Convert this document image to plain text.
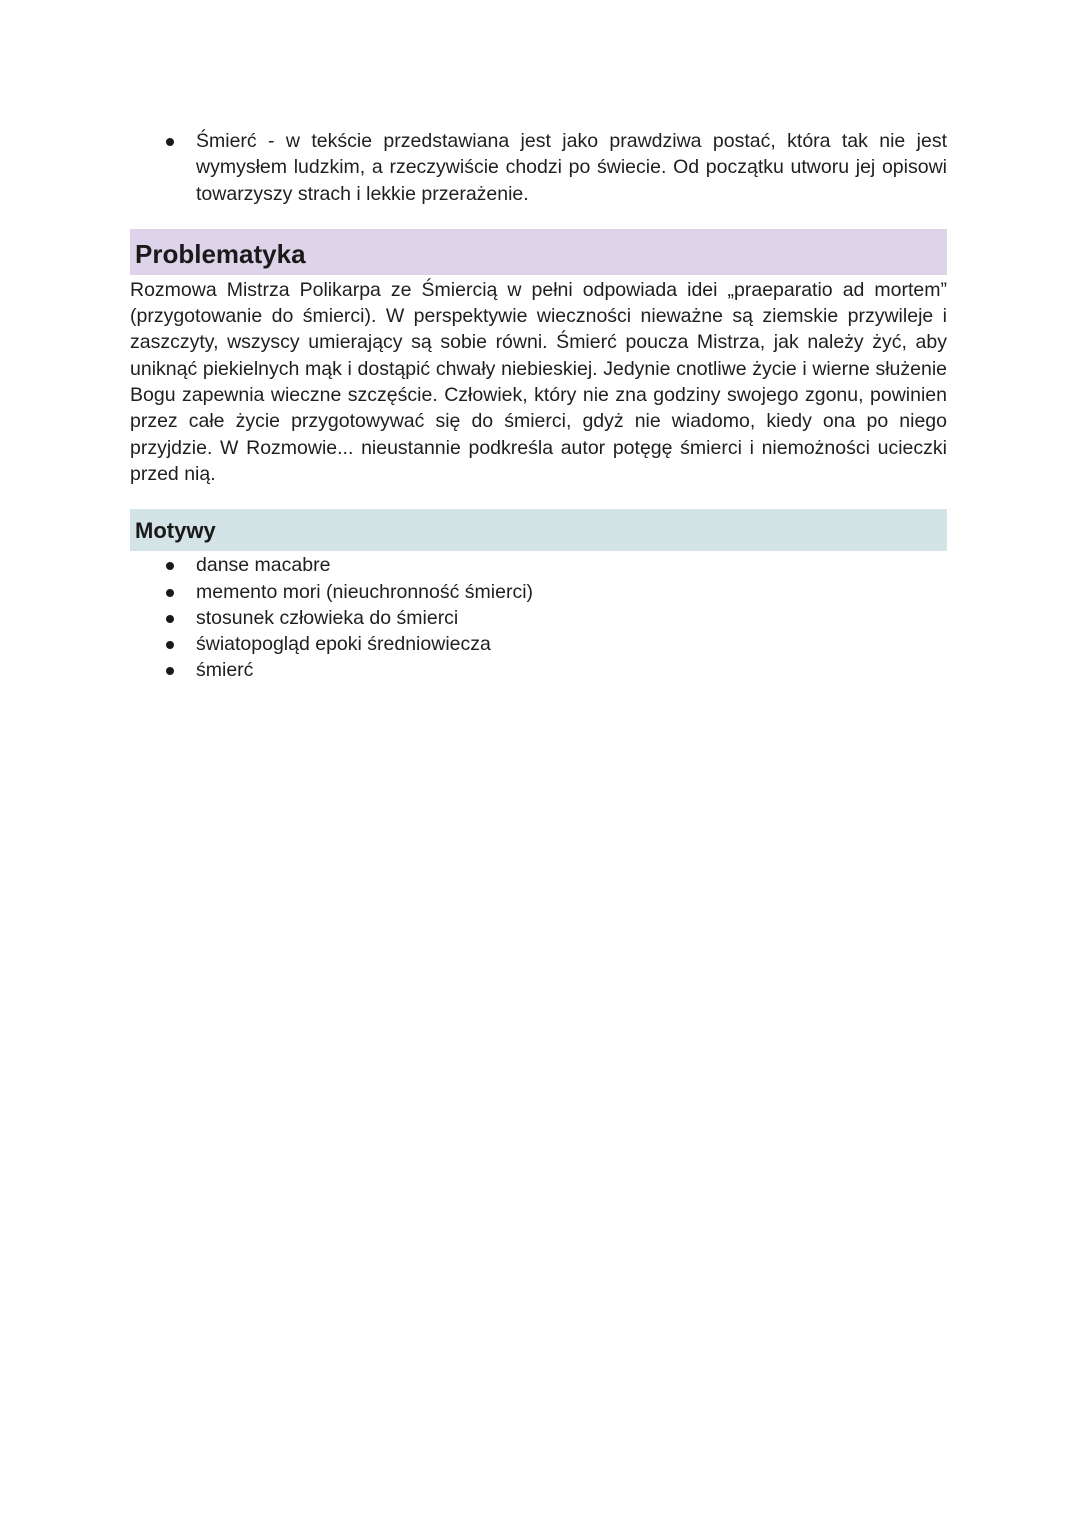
Śmierć - w tekście przedstawiana jest jako prawdziwa postać, która tak nie jest wymysłem ludzkim, a rzeczywiście chodzi po świecie. Od początku utworu jej opisowi towarzyszy strach i lekkie przerażenie.
Problematyka

Rozmowa Mistrza Polikarpa ze Śmiercią w pełni odpowiada idei „praeparatio ad mortem” (przygotowanie do śmierci). W perspektywie wieczności nieważne są ziemskie przywileje i zaszczyty, wszyscy umierający są sobie równi. Śmierć poucza Mistrza, jak należy żyć, aby uniknąć piekielnych mąk i dostąpić chwały niebieskiej. Jedynie cnotliwe życie i wierne służenie Bogu zapewnia wieczne szczęście. Człowiek, który nie zna godziny swojego zgonu, powinien przez całe życie przygotowywać się do śmierci, gdyż nie wiadomo, kiedy ona po niego przyjdzie. W Rozmowie... nieustannie podkreśla autor potęgę śmierci i niemożności ucieczki przed nią.

Motywy
danse macabre
memento mori (nieuchronność śmierci)
stosunek człowieka do śmierci
światopogląd epoki średniowiecza
śmierć
